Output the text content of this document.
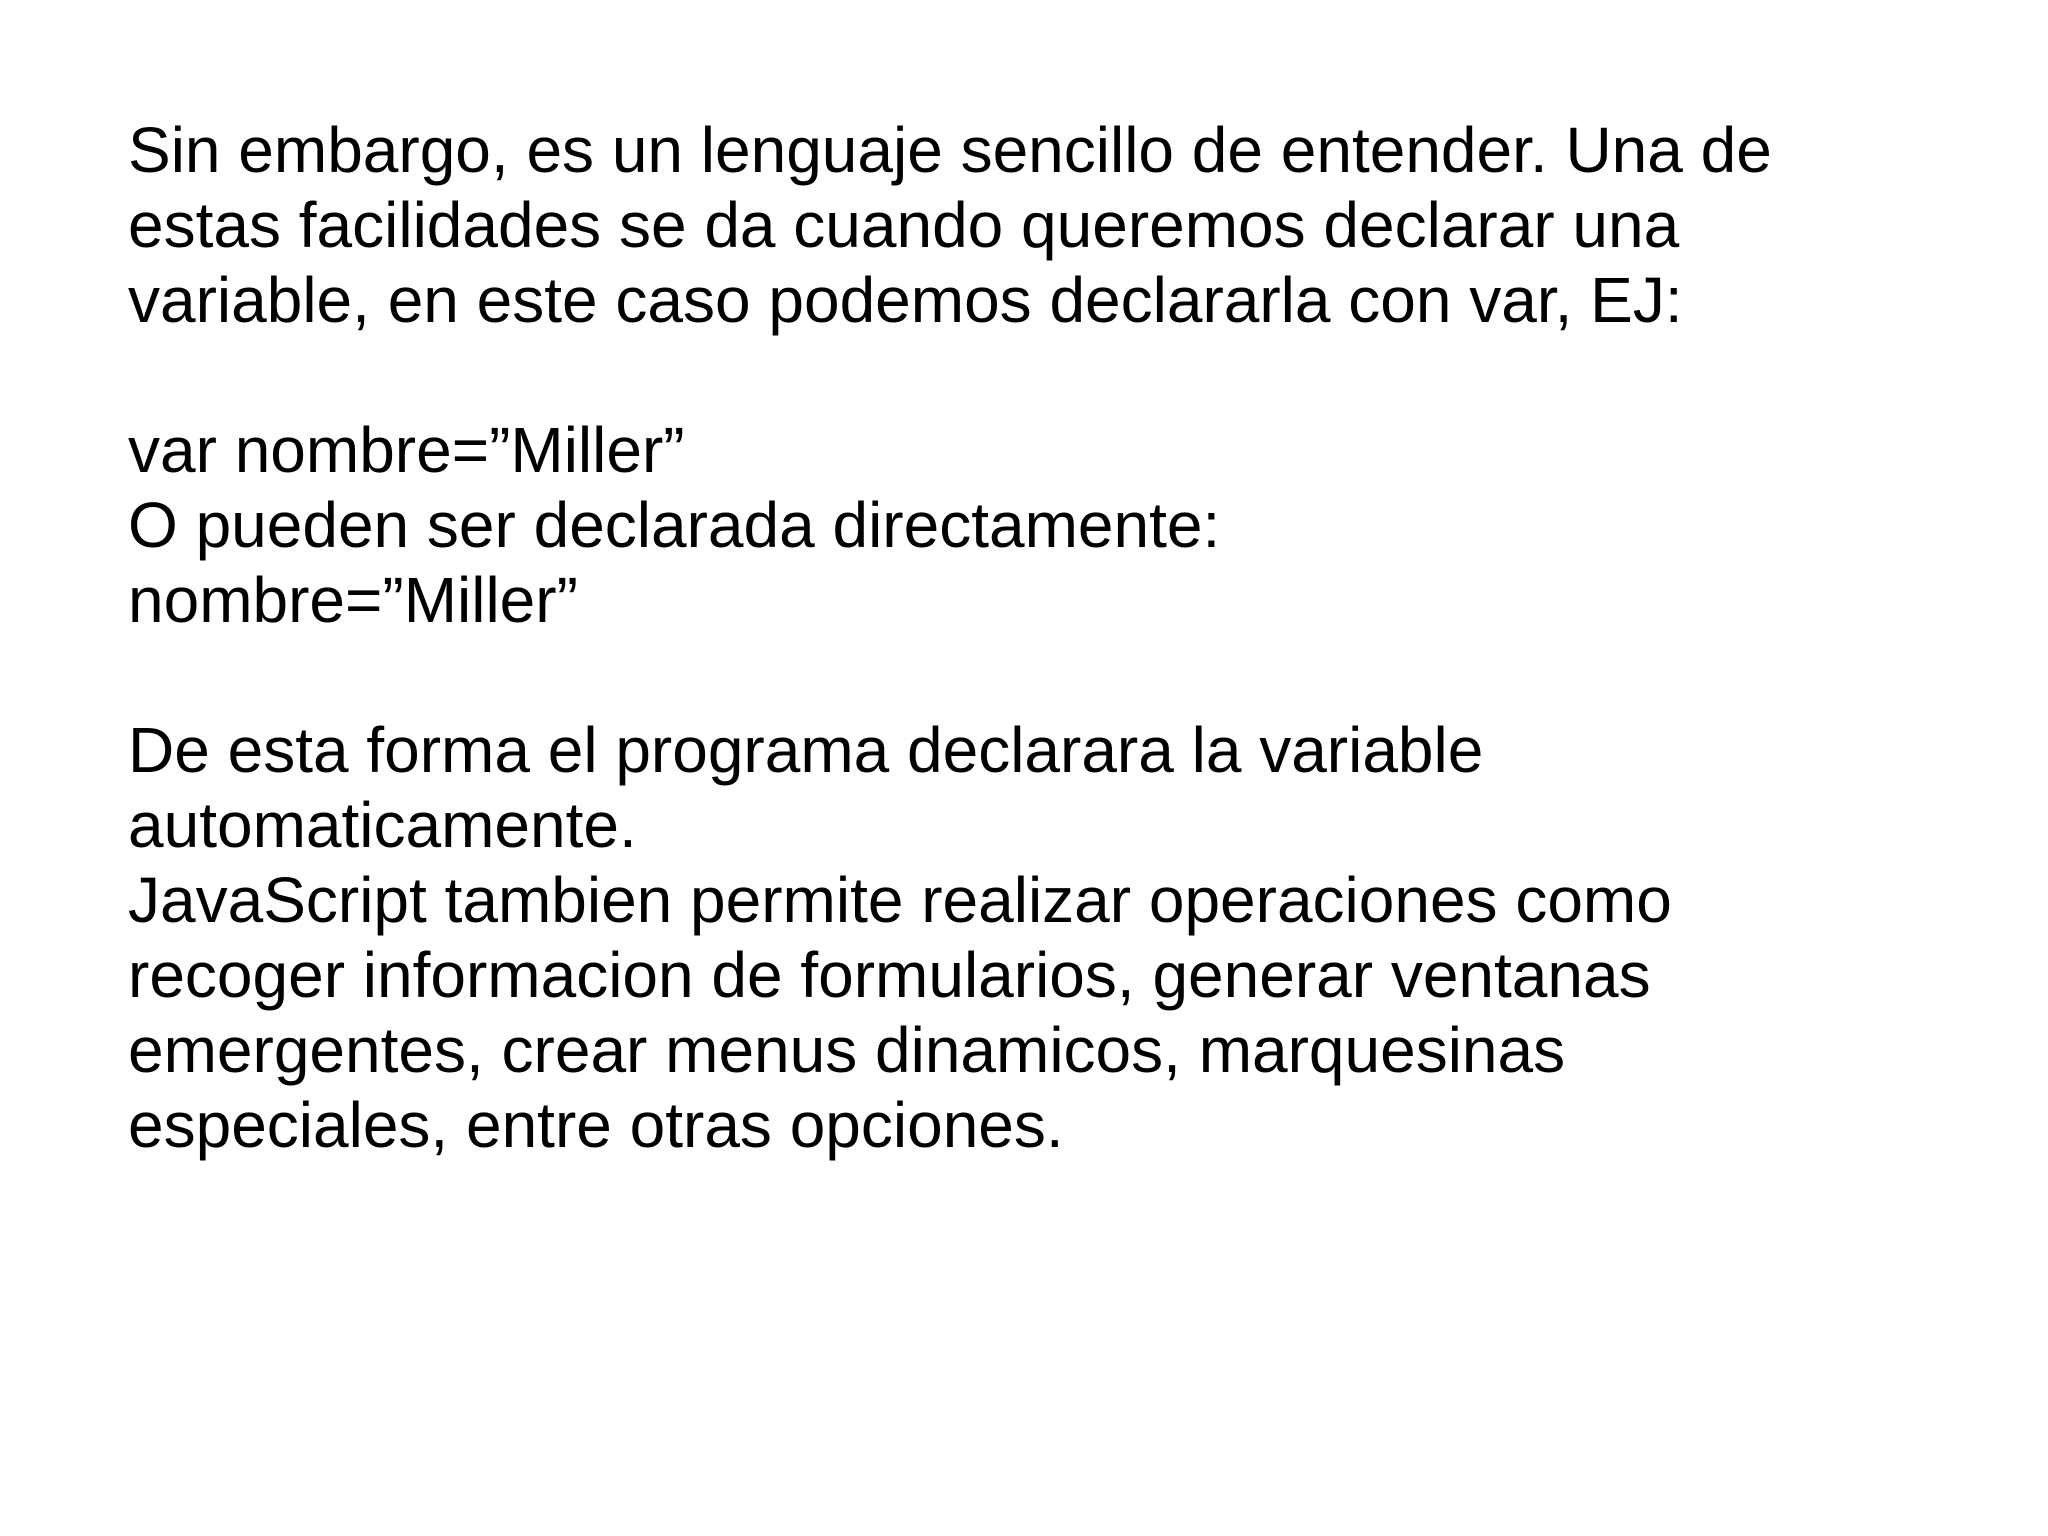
Sin embargo, es un lenguaje sencillo de entender. Una de
estas facilidades se da cuando queremos declarar una
variable, en este caso podemos declararla con var, EJ:
var nombre=”Miller”
O pueden ser declarada directamente:
nombre=”Miller”
De esta forma el programa declarara la variable
automaticamente.
JavaScript tambien permite realizar operaciones como
recoger informacion de formularios, generar ventanas
emergentes, crear menus dinamicos, marquesinas
especiales, entre otras opciones.
